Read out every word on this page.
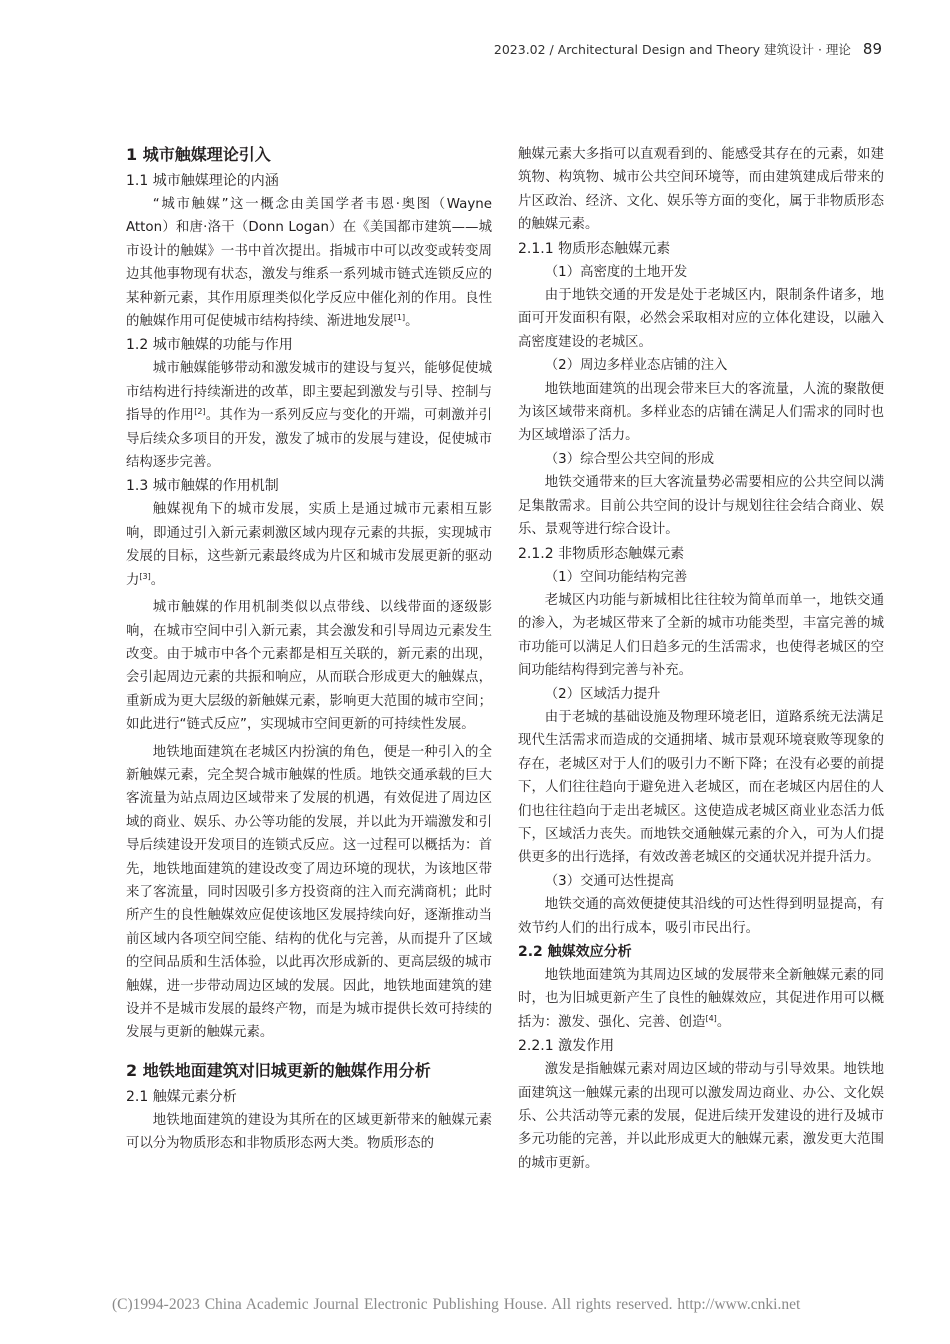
2023.02 / Architectural Design and Theory 建筑设计 · 理论 89
1 城市触媒理论引入
1.1 城市触媒理论的内涵

“城市触媒”这一概念由美国学者韦恩·奥图（Wayne Atton）和唐·洛干（Donn Logan）在《美国都市建筑——城市设计的触媒》一书中首次提出。指城市中可以改变或转变周边其他事物现有状态，激发与维系一系列城市链式连锁反应的某种新元素，其作用原理类似化学反应中催化剂的作用。良性的触媒作用可促使城市结构持续、渐进地发展[1]。

1.2 城市触媒的功能与作用

城市触媒能够带动和激发城市的建设与复兴，能够促使城市结构进行持续渐进的改革，即主要起到激发与引导、控制与指导的作用[2]。其作为一系列反应与变化的开端，可刺激并引导后续众多项目的开发，激发了城市的发展与建设，促使城市结构逐步完善。

1.3 城市触媒的作用机制

触媒视角下的城市发展，实质上是通过城市元素相互影响，即通过引入新元素刺激区域内现存元素的共振，实现城市发展的目标，这些新元素最终成为片区和城市发展更新的驱动力[3]。

城市触媒的作用机制类似以点带线、以线带面的逐级影响，在城市空间中引入新元素，其会激发和引导周边元素发生改变。由于城市中各个元素都是相互关联的，新元素的出现，会引起周边元素的共振和响应，从而联合形成更大的触媒点，重新成为更大层级的新触媒元素，影响更大范围的城市空间；如此进行“链式反应”，实现城市空间更新的可持续性发展。

地铁地面建筑在老城区内扮演的角色，便是一种引入的全新触媒元素，完全契合城市触媒的性质。地铁交通承载的巨大客流量为站点周边区域带来了发展的机遇，有效促进了周边区域的商业、娱乐、办公等功能的发展，并以此为开端激发和引导后续建设开发项目的连锁式反应。这一过程可以概括为：首先，地铁地面建筑的建设改变了周边环境的现状，为该地区带来了客流量，同时因吸引多方投资商的注入而充满商机；此时所产生的良性触媒效应促使该地区发展持续向好，逐渐推动当前区域内各项空间空能、结构的优化与完善，从而提升了区域的空间品质和生活体验，以此再次形成新的、更高层级的城市触媒，进一步带动周边区域的发展。因此，地铁地面建筑的建设并不是城市发展的最终产物，而是为城市提供长效可持续的发展与更新的触媒元素。

2 地铁地面建筑对旧城更新的触媒作用分析
2.1 触媒元素分析

地铁地面建筑的建设为其所在的区域更新带来的触媒元素可以分为物质形态和非物质形态两大类。物质形态的

触媒元素大多指可以直观看到的、能感受其存在的元素，如建筑物、构筑物、城市公共空间环境等，而由建筑建成后带来的片区政治、经济、文化、娱乐等方面的变化，属于非物质形态的触媒元素。

2.1.1 物质形态触媒元素

（1）高密度的土地开发

由于地铁交通的开发是处于老城区内，限制条件诸多，地面可开发面积有限，必然会采取相对应的立体化建设，以融入高密度建设的老城区。

（2）周边多样业态店铺的注入

地铁地面建筑的出现会带来巨大的客流量，人流的聚散便为该区域带来商机。多样业态的店铺在满足人们需求的同时也为区域增添了活力。

（3）综合型公共空间的形成

地铁交通带来的巨大客流量势必需要相应的公共空间以满足集散需求。目前公共空间的设计与规划往往会结合商业、娱乐、景观等进行综合设计。

2.1.2 非物质形态触媒元素

（1）空间功能结构完善

老城区内功能与新城相比往往较为简单而单一，地铁交通的渗入，为老城区带来了全新的城市功能类型，丰富完善的城市功能可以满足人们日趋多元的生活需求，也使得老城区的空间功能结构得到完善与补充。

（2）区域活力提升

由于老城的基础设施及物理环境老旧，道路系统无法满足现代生活需求而造成的交通拥堵、城市景观环境衰败等现象的存在，老城区对于人们的吸引力不断下降；在没有必要的前提下，人们往往趋向于避免进入老城区，而在老城区内居住的人们也往往趋向于走出老城区。这使造成老城区商业业态活力低下，区域活力丧失。而地铁交通触媒元素的介入，可为人们提供更多的出行选择，有效改善老城区的交通状况并提升活力。

（3）交通可达性提高

地铁交通的高效便捷使其沿线的可达性得到明显提高，有效节约人们的出行成本，吸引市民出行。

2.2 触媒效应分析

地铁地面建筑为其周边区域的发展带来全新触媒元素的同时，也为旧城更新产生了良性的触媒效应，其促进作用可以概括为：激发、强化、完善、创造[4]。

2.2.1 激发作用

激发是指触媒元素对周边区域的带动与引导效果。地铁地面建筑这一触媒元素的出现可以激发周边商业、办公、文化娱乐、公共活动等元素的发展，促进后续开发建设的进行及城市多元功能的完善，并以此形成更大的触媒元素，激发更大范围的城市更新。

(C)1994-2023 China Academic Journal Electronic Publishing House. All rights reserved. http://www.cnki.net
